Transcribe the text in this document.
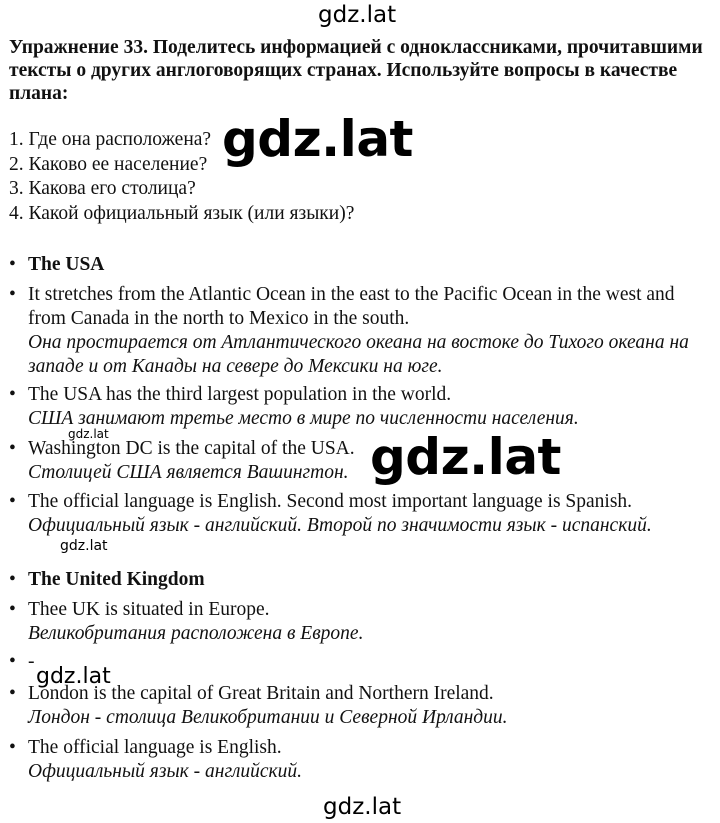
gdz.lat
Упражнение 33. Поделитесь информацией с одноклассниками, прочитавшими тексты о других англоговорящих странах. Используйте вопросы в качестве плана:
1. Где она расположена?
2. Каково ее население?
3. Какова его столица?
4. Какой официальный язык (или языки)?
gdz.lat
• The USA
• It stretches from the Atlantic Ocean in the east to the Pacific Ocean in the west and from Canada in the north to Mexico in the south.
Она простирается от Атлантического океана на востоке до Тихого океана на западе и от Канады на севере до Мексики на юге.
• The USA has the third largest population in the world.
США занимают третье место в мире по численности населения.
gdz.lat
• Washington DC is the capital of the USA.
Столицей США является Вашингтон. gdz.lat
• The official language is English. Second most important language is Spanish.
Официальный язык - английский. Второй по значимости язык - испанский.
gdz.lat
• The United Kingdom
• Thee UK is situated in Europe.
Великобритания расположена в Европе.
• -
gdz.lat
• London is the capital of Great Britain and Northern Ireland.
Лондон - столица Великобритании и Северной Ирландии.
• The official language is English.
Официальный язык - английский.
gdz.lat
